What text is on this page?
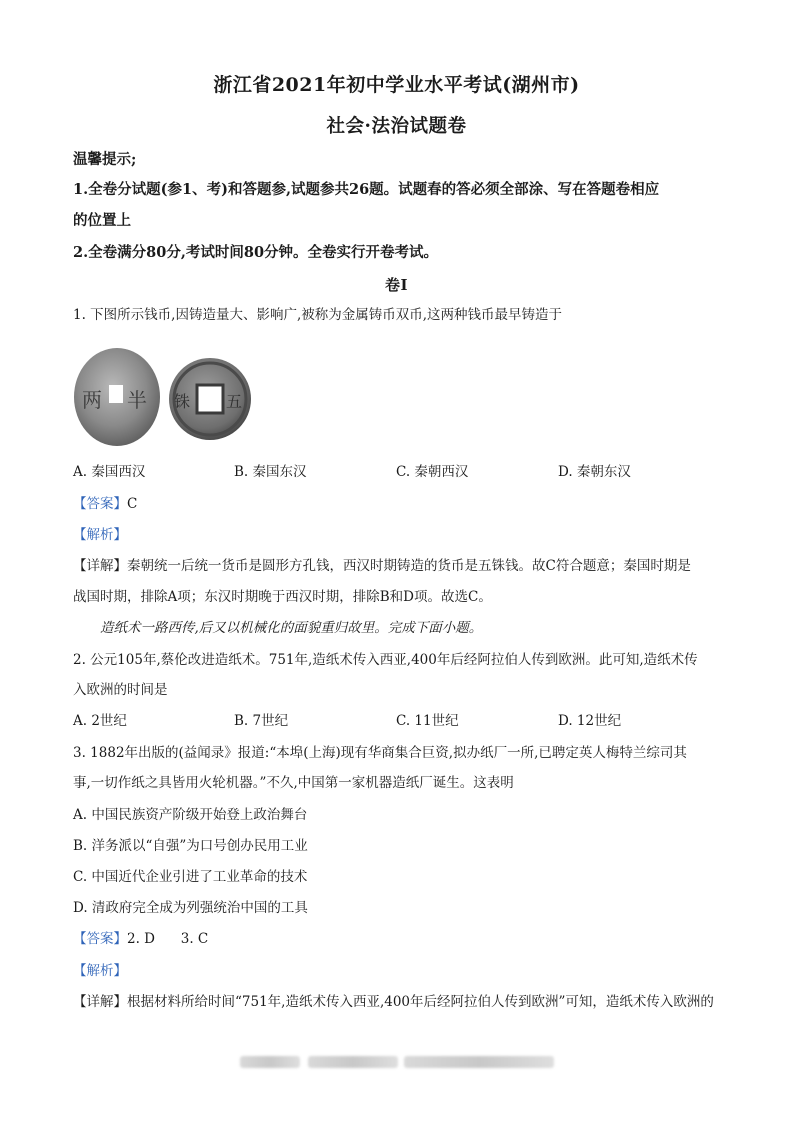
浙江省2021年初中学业水平考试(湖州市)
社会·法治试题卷
温馨提示;
1.全卷分试题(参1、考)和答题参,试题参共26题。试题春的答必须全部涂、写在答题卷相应
的位置上
2.全卷满分80分,考试时间80分钟。全卷实行开卷考试。
卷I
1. 下图所示钱币,因铸造量大、影响广,被称为金属铸币双币,这两种钱币最早铸造于
两 半 铢 五
A. 秦国西汉	B. 秦国东汉	C. 秦朝西汉	D. 秦朝东汉
【答案】C
【解析】
【详解】秦朝统一后统一货币是圆形方孔钱，西汉时期铸造的货币是五铢钱。故C符合题意；秦国时期是
战国时期，排除A项；东汉时期晚于西汉时期，排除B和D项。故选C。
造纸术一路西传,后又以机械化的面貌重归故里。完成下面小题。
2. 公元105年,蔡伦改进造纸术。751年,造纸术传入西亚,400年后经阿拉伯人传到欧洲。此可知,造纸术传
入欧洲的时间是
A. 2世纪	B. 7世纪	C. 11世纪	D. 12世纪
3. 1882年出版的(益闻录》报道:“本埠(上海)现有华商集合巨资,拟办纸厂一所,已聘定英人梅特兰综司其
事,一切作纸之具皆用火轮机器。”不久,中国第一家机器造纸厂诞生。这表明
A. 中国民族资产阶级开始登上政治舞台
B. 洋务派以“自强”为口号创办民用工业
C. 中国近代企业引进了工业革命的技术
D. 清政府完全成为列强统治中国的工具
【答案】2. D      3. C
【解析】
【详解】根据材料所给时间“751年,造纸术传入西亚,400年后经阿拉伯人传到欧洲”可知，造纸术传入欧洲的
